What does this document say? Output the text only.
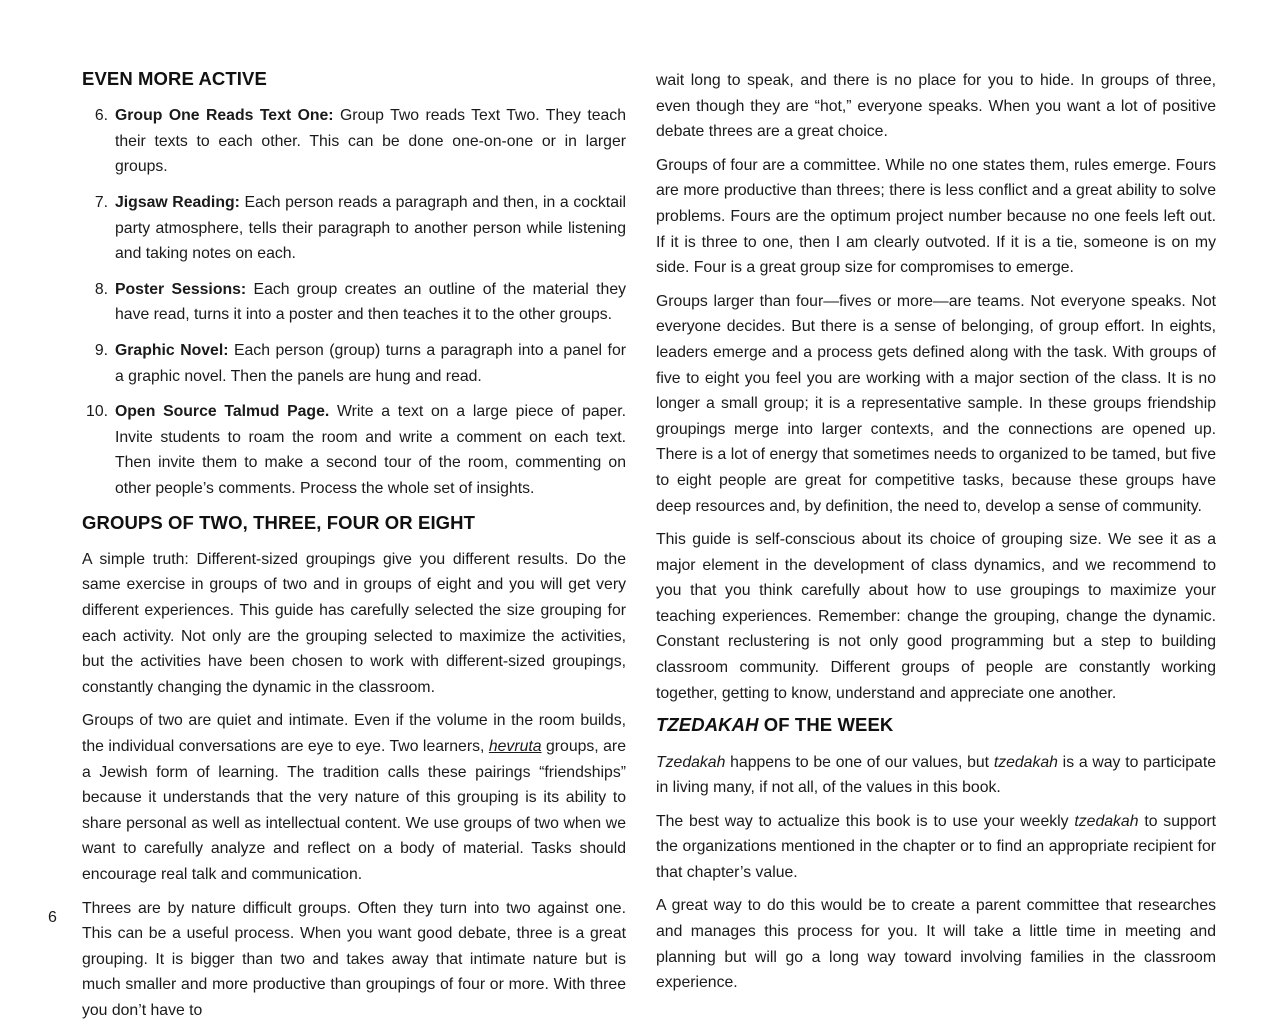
EVEN MORE ACTIVE
6. Group One Reads Text One: Group Two reads Text Two. They teach their texts to each other. This can be done one-on-one or in larger groups.
7. Jigsaw Reading: Each person reads a paragraph and then, in a cocktail party atmosphere, tells their paragraph to another person while listening and taking notes on each.
8. Poster Sessions: Each group creates an outline of the material they have read, turns it into a poster and then teaches it to the other groups.
9. Graphic Novel: Each person (group) turns a paragraph into a panel for a graphic novel. Then the panels are hung and read.
10. Open Source Talmud Page. Write a text on a large piece of paper. Invite students to roam the room and write a comment on each text. Then invite them to make a second tour of the room, commenting on other people’s comments. Process the whole set of insights.
GROUPS OF TWO, THREE, FOUR OR EIGHT

A simple truth: Different-sized groupings give you different results. Do the same exercise in groups of two and in groups of eight and you will get very different experiences. This guide has carefully selected the size grouping for each activity. Not only are the grouping selected to maximize the activities, but the activities have been chosen to work with different-sized groupings, constantly changing the dynamic in the classroom.

Groups of two are quiet and intimate. Even if the volume in the room builds, the individual conversations are eye to eye. Two learners, hevruta groups, are a Jewish form of learning. The tradition calls these pairings “friendships” because it understands that the very nature of this grouping is its ability to share personal as well as intellectual content. We use groups of two when we want to carefully analyze and reflect on a body of material. Tasks should encourage real talk and communication.

Threes are by nature difficult groups. Often they turn into two against one. This can be a useful process. When you want good debate, three is a great grouping. It is bigger than two and takes away that intimate nature but is much smaller and more productive than groupings of four or more. With three you don’t have to

wait long to speak, and there is no place for you to hide. In groups of three, even though they are “hot,” everyone speaks. When you want a lot of positive debate threes are a great choice.

Groups of four are a committee. While no one states them, rules emerge. Fours are more productive than threes; there is less conflict and a great ability to solve problems. Fours are the optimum project number because no one feels left out. If it is three to one, then I am clearly outvoted. If it is a tie, someone is on my side. Four is a great group size for compromises to emerge.

Groups larger than four—fives or more—are teams. Not everyone speaks. Not everyone decides. But there is a sense of belonging, of group effort. In eights, leaders emerge and a process gets defined along with the task. With groups of five to eight you feel you are working with a major section of the class. It is no longer a small group; it is a representative sample. In these groups friendship groupings merge into larger contexts, and the connections are opened up. There is a lot of energy that sometimes needs to organized to be tamed, but five to eight people are great for competitive tasks, because these groups have deep resources and, by definition, the need to, develop a sense of community.

This guide is self-conscious about its choice of grouping size. We see it as a major element in the development of class dynamics, and we recommend to you that you think carefully about how to use groupings to maximize your teaching experiences. Remember: change the grouping, change the dynamic. Constant reclustering is not only good programming but a step to building classroom community. Different groups of people are constantly working together, getting to know, understand and appreciate one another.

TZEDAKAH OF THE WEEK

Tzedakah happens to be one of our values, but tzedakah is a way to participate in living many, if not all, of the values in this book.

The best way to actualize this book is to use your weekly tzedakah to support the organizations mentioned in the chapter or to find an appropriate recipient for that chapter’s value.

A great way to do this would be to create a parent committee that researches and manages this process for you. It will take a little time in meeting and planning but will go a long way toward involving families in the classroom experience.

6
